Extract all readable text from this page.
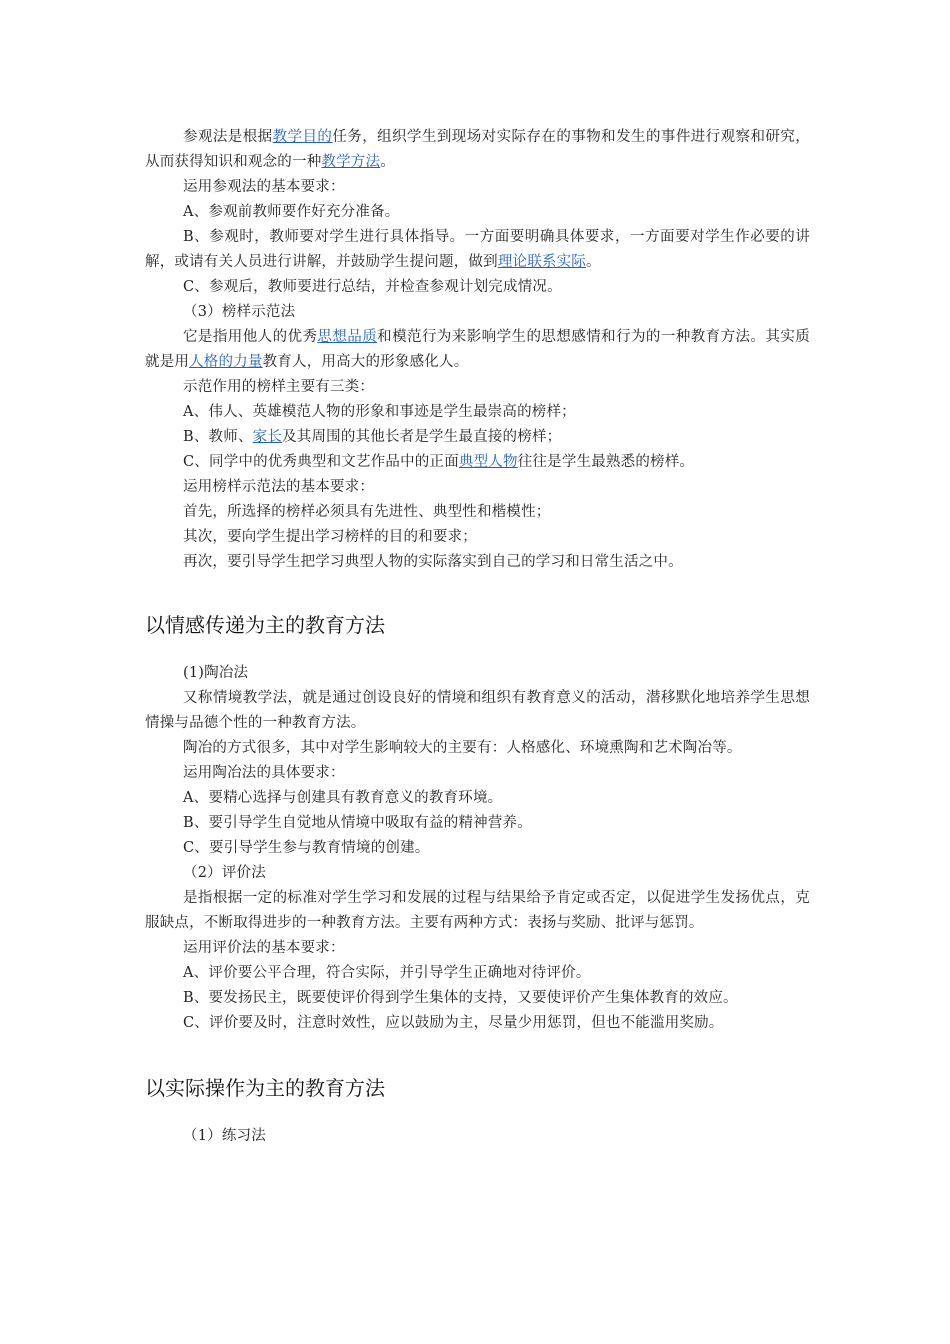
参观法是根据教学目的任务，组织学生到现场对实际存在的事物和发生的事件进行观察和研究，从而获得知识和观念的一种教学方法。

运用参观法的基本要求：

A、参观前教师要作好充分准备。

B、参观时，教师要对学生进行具体指导。一方面要明确具体要求，一方面要对学生作必要的讲解，或请有关人员进行讲解，并鼓励学生提问题，做到理论联系实际。

C、参观后，教师要进行总结，并检查参观计划完成情况。

（3）榜样示范法

它是指用他人的优秀思想品质和模范行为来影响学生的思想感情和行为的一种教育方法。其实质就是用人格的力量教育人，用高大的形象感化人。

示范作用的榜样主要有三类：

A、伟人、英雄模范人物的形象和事迹是学生最崇高的榜样；

B、教师、家长及其周围的其他长者是学生最直接的榜样；

C、同学中的优秀典型和文艺作品中的正面典型人物往往是学生最熟悉的榜样。

运用榜样示范法的基本要求：

首先，所选择的榜样必须具有先进性、典型性和楷模性；

其次，要向学生提出学习榜样的目的和要求；

再次，要引导学生把学习典型人物的实际落实到自己的学习和日常生活之中。

以情感传递为主的教育方法

(1)陶冶法

又称情境教学法，就是通过创设良好的情境和组织有教育意义的活动，潜移默化地培养学生思想情操与品德个性的一种教育方法。

陶冶的方式很多，其中对学生影响较大的主要有：人格感化、环境熏陶和艺术陶冶等。

运用陶冶法的具体要求：

A、要精心选择与创建具有教育意义的教育环境。

B、要引导学生自觉地从情境中吸取有益的精神营养。

C、要引导学生参与教育情境的创建。

（2）评价法

是指根据一定的标准对学生学习和发展的过程与结果给予肯定或否定，以促进学生发扬优点，克服缺点，不断取得进步的一种教育方法。主要有两种方式：表扬与奖励、批评与惩罚。

运用评价法的基本要求：

A、评价要公平合理，符合实际，并引导学生正确地对待评价。

B、要发扬民主，既要使评价得到学生集体的支持，又要使评价产生集体教育的效应。

C、评价要及时，注意时效性，应以鼓励为主，尽量少用惩罚，但也不能滥用奖励。

以实际操作为主的教育方法

（1）练习法
